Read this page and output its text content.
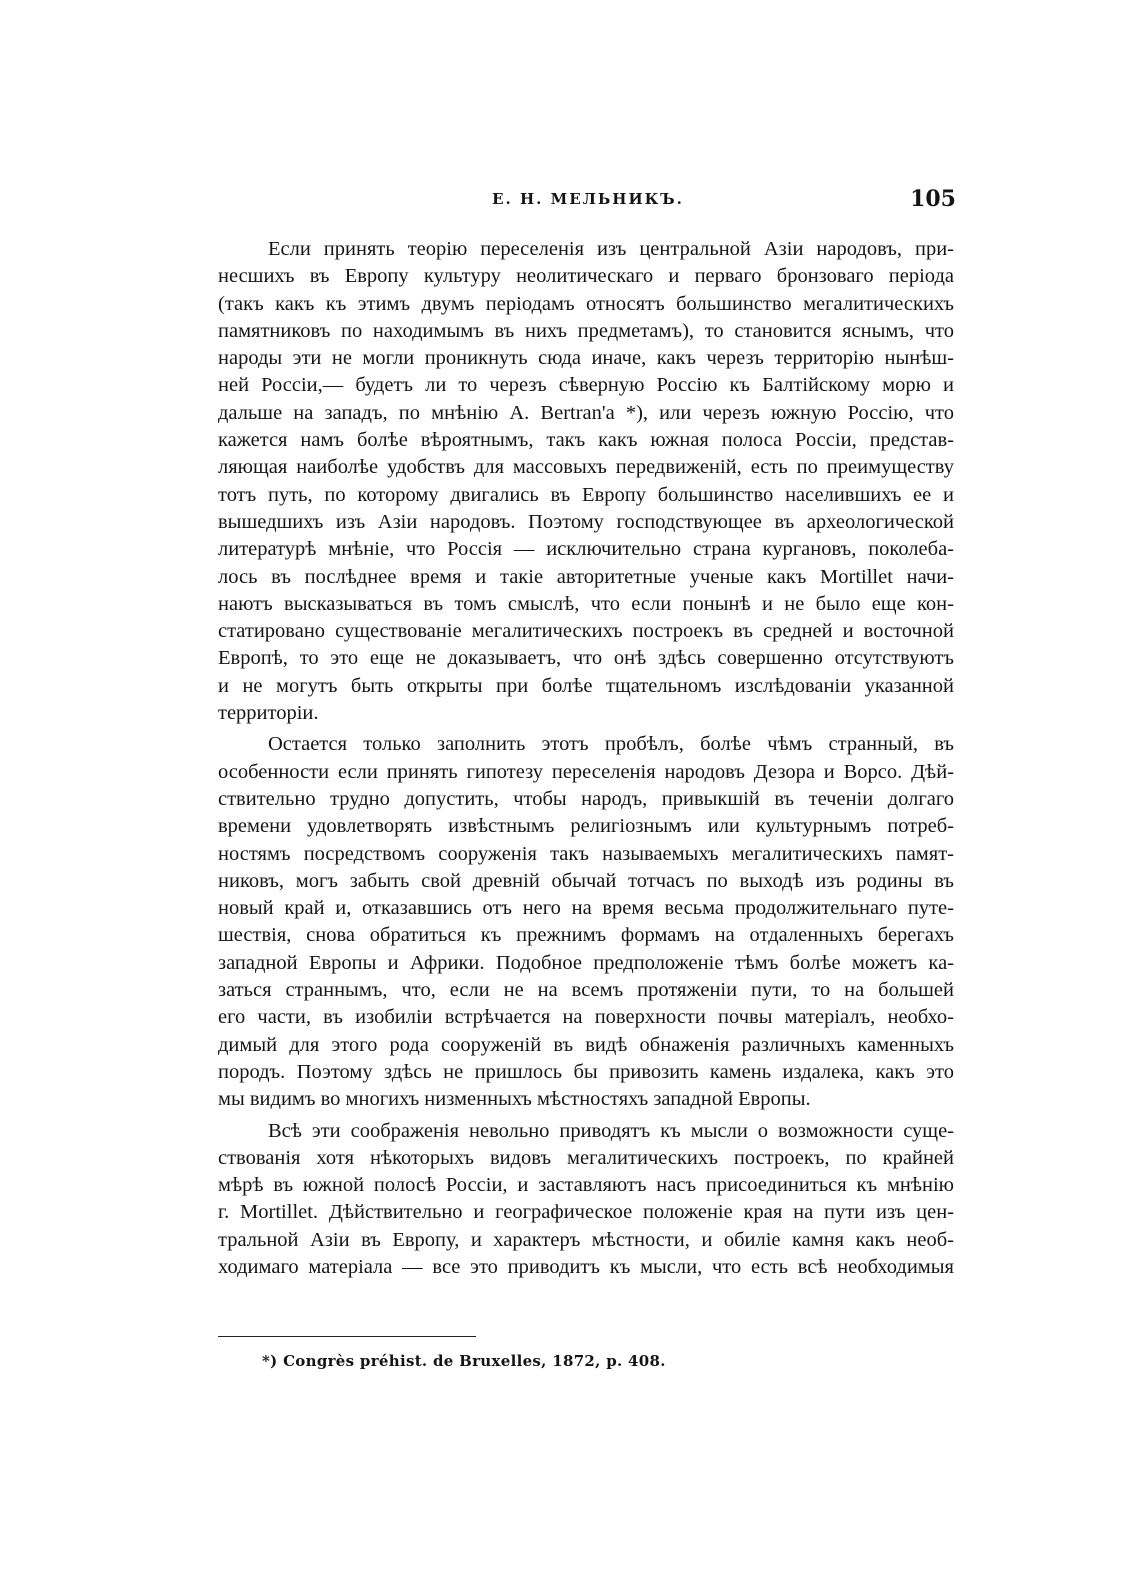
Е. Н. МЕЛЬНИКЪ.	105
Если принять теорію переселенія изъ центральной Азіи народовъ, при-
несшихъ въ Европу культуру неолитическаго и перваго бронзоваго періода
(такъ какъ къ этимъ двумъ періодамъ относятъ большинство мегалитическихъ
памятниковъ по находимымъ въ нихъ предметамъ), то становится яснымъ, что
народы эти не могли проникнуть сюда иначе, какъ черезъ территорію нынѣш-
ней Россіи,— будетъ ли то черезъ сѣверную Россію къ Балтійскому морю и
дальше на западъ, по мнѣнію A. Bertran'a *), или черезъ южную Россію, что
кажется намъ болѣе вѣроятнымъ, такъ какъ южная полоса Россіи, представ-
ляющая наиболѣе удобствъ для массовыхъ передвиженій, есть по преимуществу
тотъ путь, по которому двигались въ Европу большинство населившихъ ее и
вышедшихъ изъ Азіи народовъ. Поэтому господствующее въ археологической
литературѣ мнѣніе, что Россія — исключительно страна кургановъ, поколеба-
лось въ послѣднее время и такіе авторитетные ученые какъ Mortillet начи-
наютъ высказываться въ томъ смыслѣ, что если понынѣ и не было еще кон-
статировано существованіе мегалитическихъ построекъ въ средней и восточной
Европѣ, то это еще не доказываетъ, что онѣ здѣсь совершенно отсутствуютъ
и не могутъ быть открыты при болѣе тщательномъ изслѣдованіи указанной
территоріи.
Остается только заполнить этотъ пробѣлъ, болѣе чѣмъ странный, въ
особенности если принять гипотезу переселенія народовъ Дезора и Ворсо. Дѣй-
ствительно трудно допустить, чтобы народъ, привыкшій въ теченіи долгаго
времени удовлетворять извѣстнымъ религіознымъ или культурнымъ потреб-
ностямъ посредствомъ сооруженія такъ называемыхъ мегалитическихъ памят-
никовъ, могъ забыть свой древній обычай тотчасъ по выходѣ изъ родины въ
новый край и, отказавшись отъ него на время весьма продолжительнаго путе-
шествія, снова обратиться къ прежнимъ формамъ на отдаленныхъ берегахъ
западной Европы и Африки. Подобное предположеніе тѣмъ болѣе можетъ ка-
заться страннымъ, что, если не на всемъ протяженіи пути, то на большей
его части, въ изобиліи встрѣчается на поверхности почвы матеріалъ, необхо-
димый для этого рода сооруженій въ видѣ обнаженія различныхъ каменныхъ
породъ. Поэтому здѣсь не пришлось бы привозить камень издалека, какъ это
мы видимъ во многихъ низменныхъ мѣстностяхъ западной Европы.
Всѣ эти соображенія невольно приводятъ къ мысли о возможности суще-
ствованія хотя нѣкоторыхъ видовъ мегалитическихъ построекъ, по крайней
мѣрѣ въ южной полосѣ Россіи, и заставляютъ насъ присоединиться къ мнѣнію
г. Mortillet. Дѣйствительно и географическое положеніе края на пути изъ цен-
тральной Азіи въ Европу, и характеръ мѣстности, и обиліе камня какъ необ-
ходимаго матеріала — все это приводитъ къ мысли, что есть всѣ необходимыя
*) Congrès préhist. de Bruxelles, 1872, p. 408.
